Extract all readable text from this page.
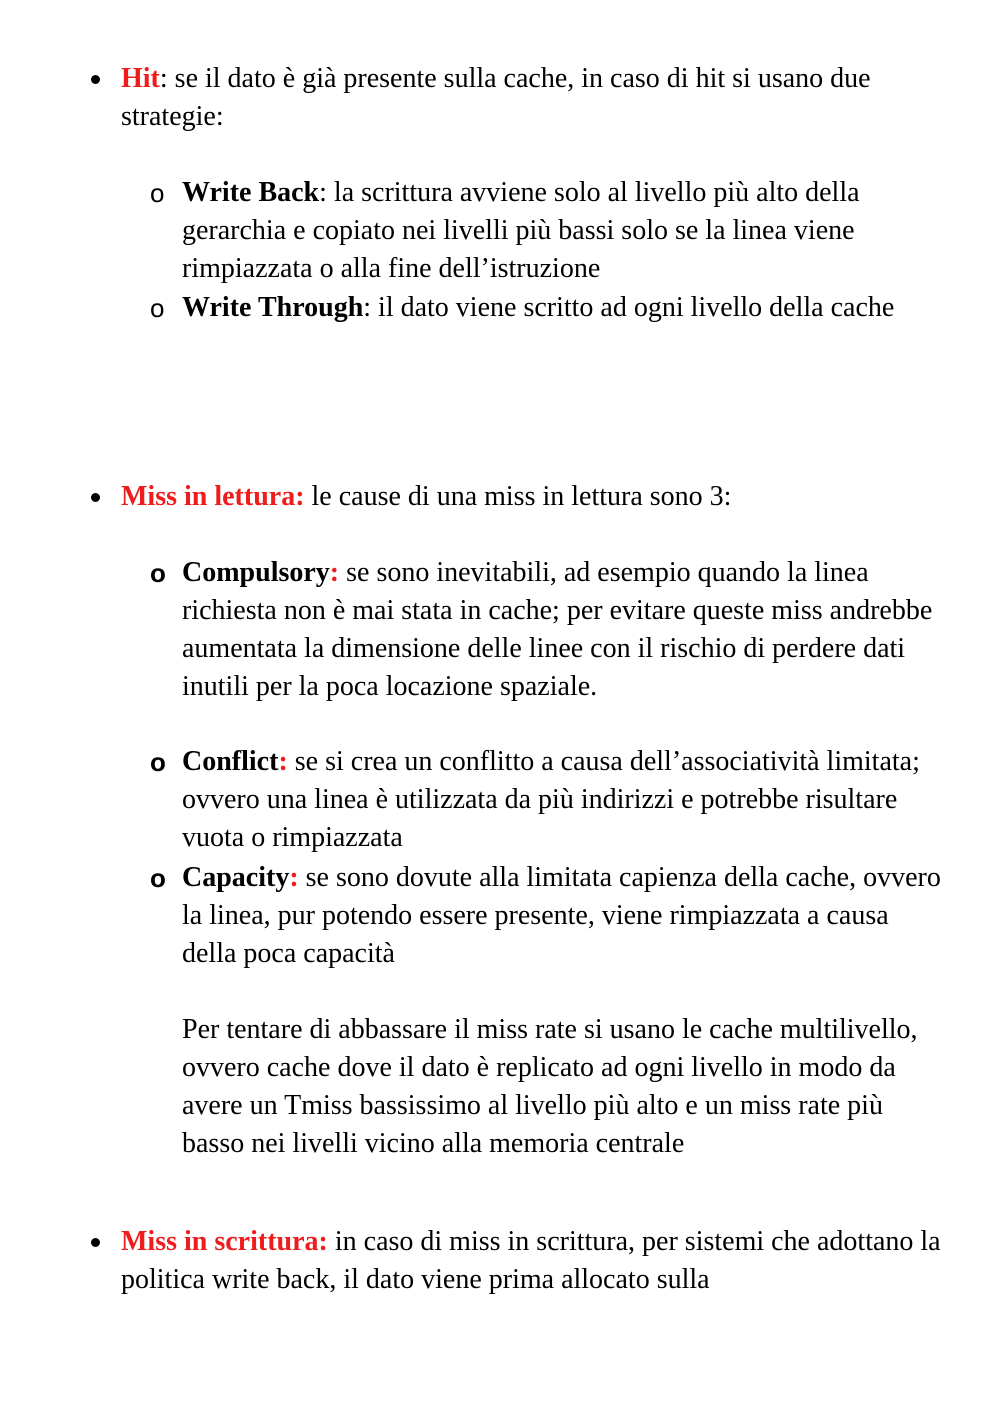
Hit: se il dato è già presente sulla cache, in caso di hit si usano due strategie:
o Write Back: la scrittura avviene solo al livello più alto della gerarchia e copiato nei livelli più bassi solo se la linea viene rimpiazzata o alla fine dell’istruzione
o Write Through: il dato viene scritto ad ogni livello della cache
Miss in lettura: le cause di una miss in lettura sono 3:
o Compulsory: se sono inevitabili, ad esempio quando la linea richiesta non è mai stata in cache; per evitare queste miss andrebbe aumentata la dimensione delle linee con il rischio di perdere dati inutili per la poca locazione spaziale.
o Conflict: se si crea un conflitto a causa dell’associatività limitata; ovvero una linea è utilizzata da più indirizzi e potrebbe risultare vuota o rimpiazzata
o Capacity: se sono dovute alla limitata capienza della cache, ovvero la linea, pur potendo essere presente, viene rimpiazzata a causa della poca capacità
Per tentare di abbassare il miss rate si usano le cache multilivello, ovvero cache dove il dato è replicato ad ogni livello in modo da avere un Tmiss bassissimo al livello più alto e un miss rate più basso nei livelli vicino alla memoria centrale
Miss in scrittura: in caso di miss in scrittura, per sistemi che adottano la politica write back, il dato viene prima allocato sulla
